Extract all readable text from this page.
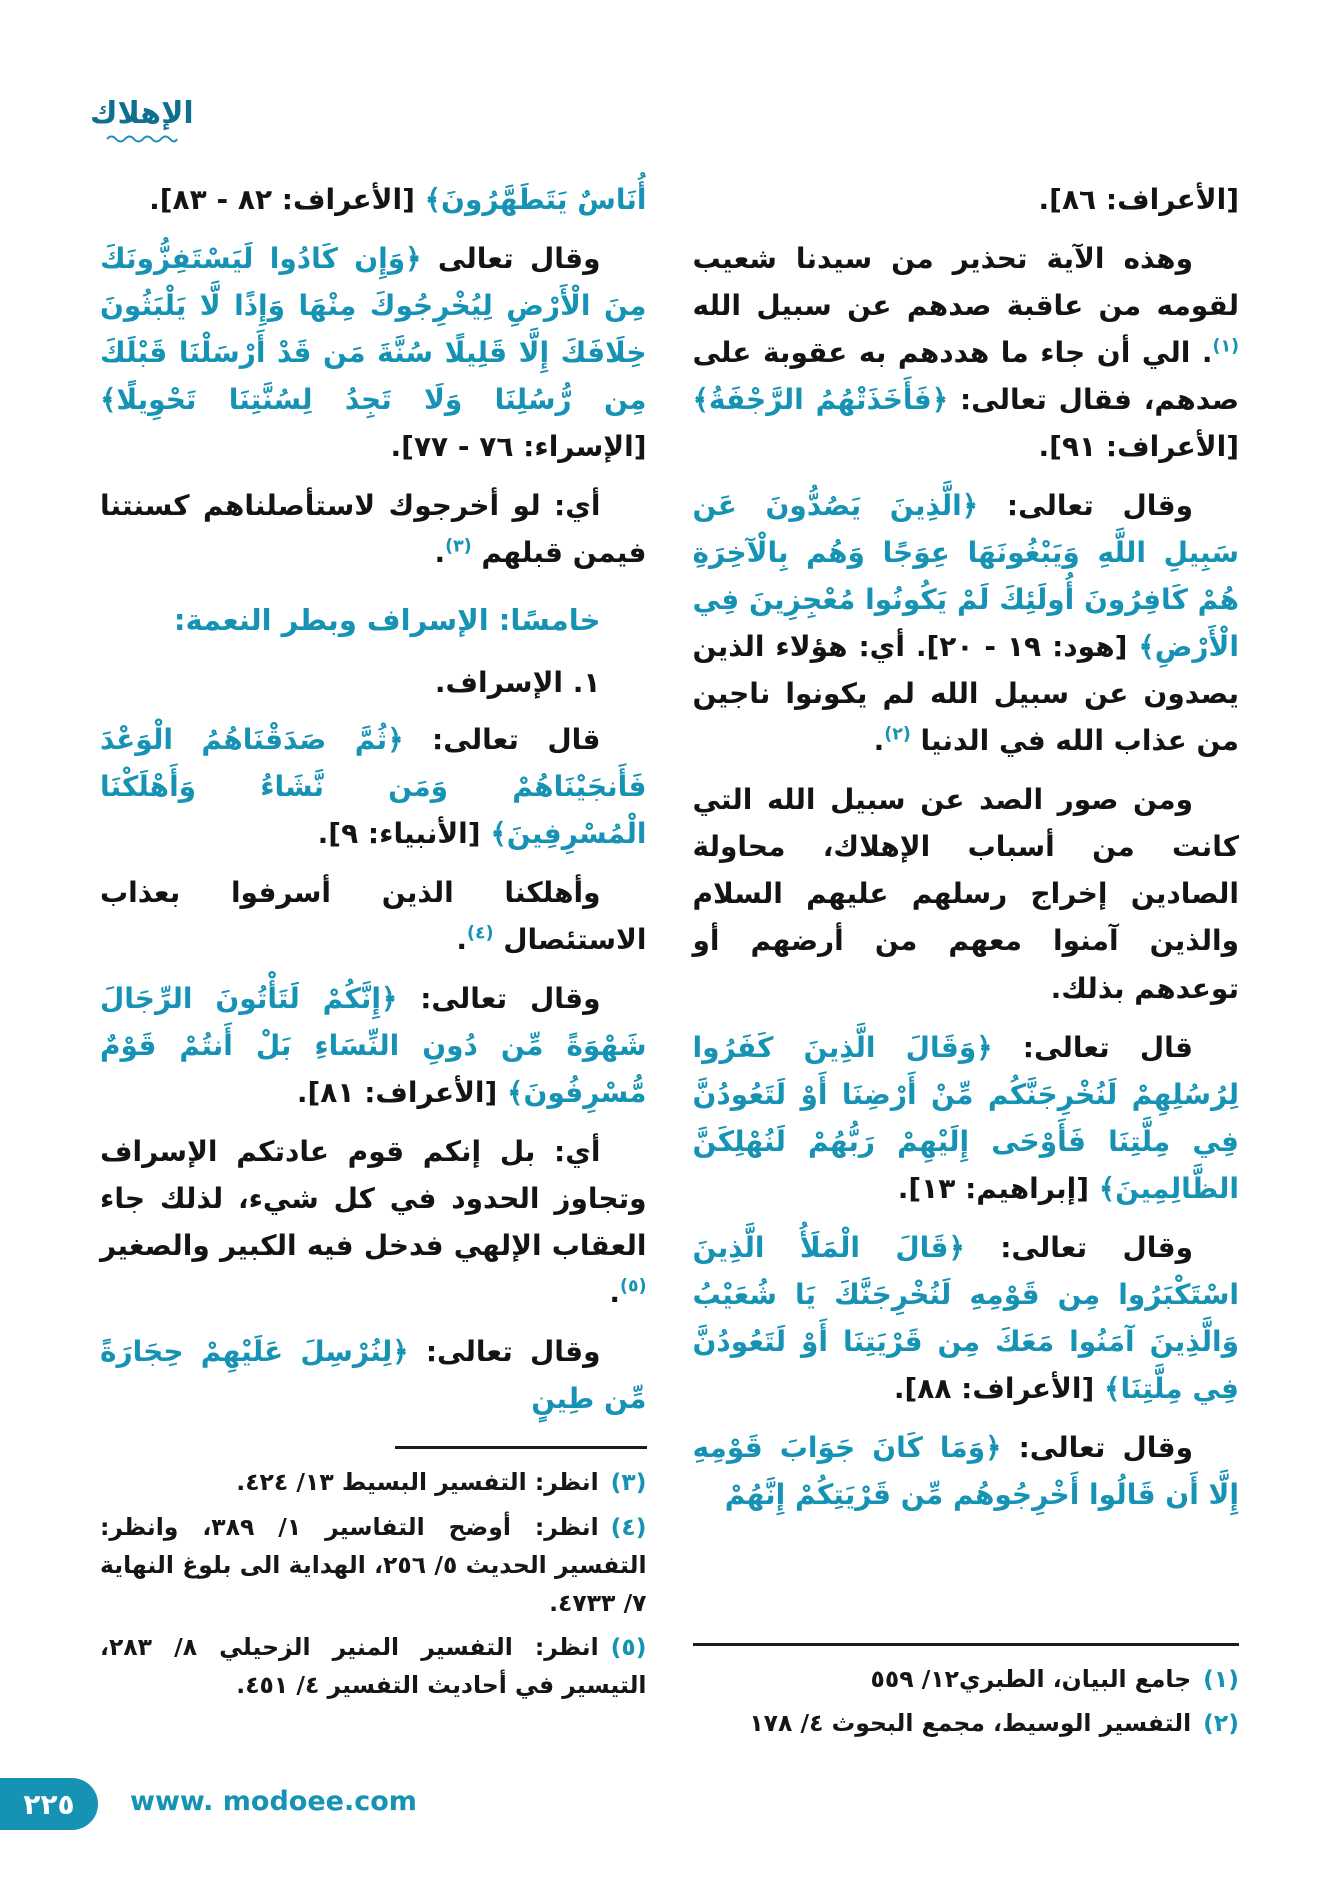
الإهلاك

[الأعراف: ٨٦].

وهذه الآية تحذير من سيدنا شعيب لقومه من عاقبة صدهم عن سبيل الله $^{(١)}$. الي أن جاء ما هددهم به عقوبة على صدهم، فقال تعالى: ﴿فَأَخَذَتْهُمُ الرَّجْفَةُ﴾ [الأعراف: ٩١].

وقال تعالى: ﴿الَّذِينَ يَصُدُّونَ عَن سَبِيلِ اللَّهِ وَيَبْغُونَهَا عِوَجًا وَهُم بِالْآخِرَةِ هُمْ كَافِرُونَ أُولَئِكَ لَمْ يَكُونُوا مُعْجِزِينَ فِي الْأَرْضِ﴾ [هود: ١٩ - ٢٠]. أي: هؤلاء الذين يصدون عن سبيل الله لم يكونوا ناجين من عذاب الله في الدنيا $^{(٢)}$.

ومن صور الصد عن سبيل الله التي كانت من أسباب الإهلاك، محاولة الصادين إخراج رسلهم عليهم السلام والذين آمنوا معهم من أرضهم أو توعدهم بذلك.

قال تعالى: ﴿وَقَالَ الَّذِينَ كَفَرُوا لِرُسُلِهِمْ لَنُخْرِجَنَّكُم مِّنْ أَرْضِنَا أَوْ لَتَعُودُنَّ فِي مِلَّتِنَا فَأَوْحَى إِلَيْهِمْ رَبُّهُمْ لَنُهْلِكَنَّ الظَّالِمِينَ﴾ [إبراهيم: ١٣].

وقال تعالى: ﴿قَالَ الْمَلَأُ الَّذِينَ اسْتَكْبَرُوا مِن قَوْمِهِ لَنُخْرِجَنَّكَ يَا شُعَيْبُ وَالَّذِينَ آمَنُوا مَعَكَ مِن قَرْيَتِنَا أَوْ لَتَعُودُنَّ فِي مِلَّتِنَا﴾ [الأعراف: ٨٨].

وقال تعالى: ﴿وَمَا كَانَ جَوَابَ قَوْمِهِ إِلَّا أَن قَالُوا أَخْرِجُوهُم مِّن قَرْيَتِكُمْ إِنَّهُمْ

(١)جامع البيان، الطبري١٢/ ٥٥٩

(٢)التفسير الوسيط، مجمع البحوث ٤/ ١٧٨

أُنَاسٌ يَتَطَهَّرُونَ﴾ [الأعراف: ٨٢ - ٨٣].

وقال تعالى ﴿وَإِن كَادُوا لَيَسْتَفِزُّونَكَ مِنَ الْأَرْضِ لِيُخْرِجُوكَ مِنْهَا وَإِذًا لَّا يَلْبَثُونَ خِلَافَكَ إِلَّا قَلِيلًا سُنَّةَ مَن قَدْ أَرْسَلْنَا قَبْلَكَ مِن رُّسُلِنَا وَلَا تَجِدُ لِسُنَّتِنَا تَحْوِيلًا﴾ [الإسراء: ٧٦ - ٧٧].

أي: لو أخرجوك لاستأصلناهم كسنتنا فيمن قبلهم $^{(٣)}$.

خامسًا: الإسراف وبطر النعمة:

١. الإسراف.

قال تعالى: ﴿ثُمَّ صَدَقْنَاهُمُ الْوَعْدَ فَأَنجَيْنَاهُمْ وَمَن نَّشَاءُ وَأَهْلَكْنَا الْمُسْرِفِينَ﴾ [الأنبياء: ٩].

وأهلكنا الذين أسرفوا بعذاب الاستئصال $^{(٤)}$.

وقال تعالى: ﴿إِنَّكُمْ لَتَأْتُونَ الرِّجَالَ شَهْوَةً مِّن دُونِ النِّسَاءِ بَلْ أَنتُمْ قَوْمٌ مُّسْرِفُونَ﴾ [الأعراف: ٨١].

أي: بل إنكم قوم عادتكم الإسراف وتجاوز الحدود في كل شيء، لذلك جاء العقاب الإلهي فدخل فيه الكبير والصغير $^{(٥)}$.

وقال تعالى: ﴿لِنُرْسِلَ عَلَيْهِمْ حِجَارَةً مِّن طِينٍ

(٣)انظر: التفسير البسيط ١٣/ ٤٢٤.

(٤)انظر: أوضح التفاسير ١/ ٣٨٩، وانظر: التفسير الحديث ٥/ ٢٥٦، الهداية الى بلوغ النهاية ٧/ ٤٧٣٣.

(٥)انظر: التفسير المنير الزحيلي ٨/ ٢٨٣، التيسير في أحاديث التفسير ٤/ ٤٥١.

٢٢٥ www. modoee.com
